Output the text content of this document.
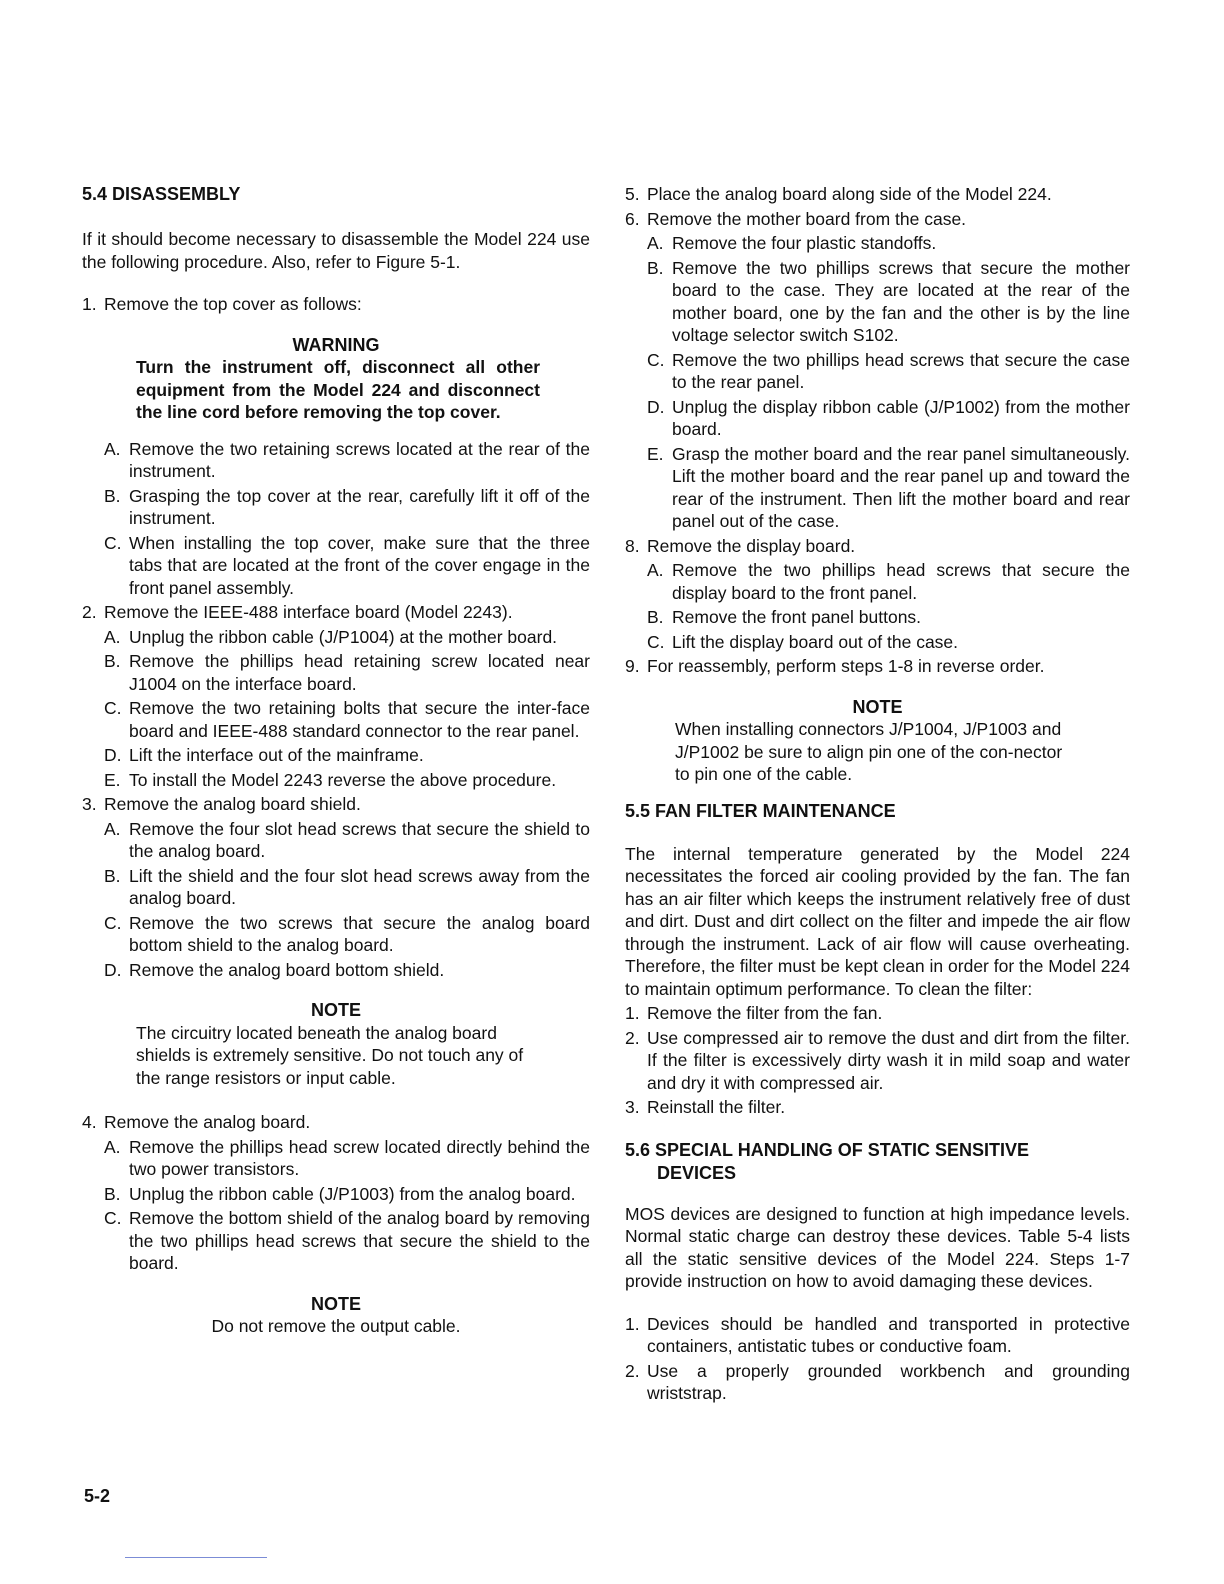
5.4 DISASSEMBLY

If it should become necessary to disassemble the Model 224 use the following procedure. Also, refer to Figure 5-1.

1. Remove the top cover as follows:
WARNING
Turn the instrument off, disconnect all other equipment from the Model 224 and disconnect the line cord before removing the top cover.
A. Remove the two retaining screws located at the rear of the instrument.
B. Grasping the top cover at the rear, carefully lift it off of the instrument.
C. When installing the top cover, make sure that the three tabs that are located at the front of the cover engage in the front panel assembly.
2. Remove the IEEE-488 interface board (Model 2243).
A. Unplug the ribbon cable (J/P1004) at the mother board.
B. Remove the phillips head retaining screw located near J1004 on the interface board.
C. Remove the two retaining bolts that secure the inter-face board and IEEE-488 standard connector to the rear panel.
D. Lift the interface out of the mainframe.
E. To install the Model 2243 reverse the above procedure.
3. Remove the analog board shield.
A. Remove the four slot head screws that secure the shield to the analog board.
B. Lift the shield and the four slot head screws away from the analog board.
C. Remove the two screws that secure the analog board bottom shield to the analog board.
D. Remove the analog board bottom shield.
NOTE
The circuitry located beneath the analog board shields is extremely sensitive. Do not touch any of the range resistors or input cable.
4. Remove the analog board.
A. Remove the phillips head screw located directly behind the two power transistors.
B. Unplug the ribbon cable (J/P1003) from the analog board.
C. Remove the bottom shield of the analog board by removing the two phillips head screws that secure the shield to the board.
NOTE
Do not remove the output cable.
5. Place the analog board along side of the Model 224.
6. Remove the mother board from the case.
A. Remove the four plastic standoffs.
B. Remove the two phillips screws that secure the mother board to the case. They are located at the rear of the mother board, one by the fan and the other is by the line voltage selector switch S102.
C. Remove the two phillips head screws that secure the case to the rear panel.
D. Unplug the display ribbon cable (J/P1002) from the mother board.
E. Grasp the mother board and the rear panel simultaneously. Lift the mother board and the rear panel up and toward the rear of the instrument. Then lift the mother board and rear panel out of the case.
8. Remove the display board.
A. Remove the two phillips head screws that secure the display board to the front panel.
B. Remove the front panel buttons.
C. Lift the display board out of the case.
9. For reassembly, perform steps 1-8 in reverse order.
NOTE
When installing connectors J/P1004, J/P1003 and J/P1002 be sure to align pin one of the con-nector to pin one of the cable.
5.5 FAN FILTER MAINTENANCE

The internal temperature generated by the Model 224 necessitates the forced air cooling provided by the fan. The fan has an air filter which keeps the instrument relatively free of dust and dirt. Dust and dirt collect on the filter and impede the air flow through the instrument. Lack of air flow will cause overheating. Therefore, the filter must be kept clean in order for the Model 224 to maintain optimum performance. To clean the filter:

1. Remove the filter from the fan.
2. Use compressed air to remove the dust and dirt from the filter. If the filter is excessively dirty wash it in mild soap and water and dry it with compressed air.
3. Reinstall the filter.
5.6 SPECIAL HANDLING OF STATIC SENSITIVE
DEVICES

MOS devices are designed to function at high impedance levels. Normal static charge can destroy these devices. Table 5-4 lists all the static sensitive devices of the Model 224. Steps 1-7 provide instruction on how to avoid damaging these devices.

1. Devices should be handled and transported in protective containers, antistatic tubes or conductive foam.
2. Use a properly grounded workbench and grounding wriststrap.
5-2
